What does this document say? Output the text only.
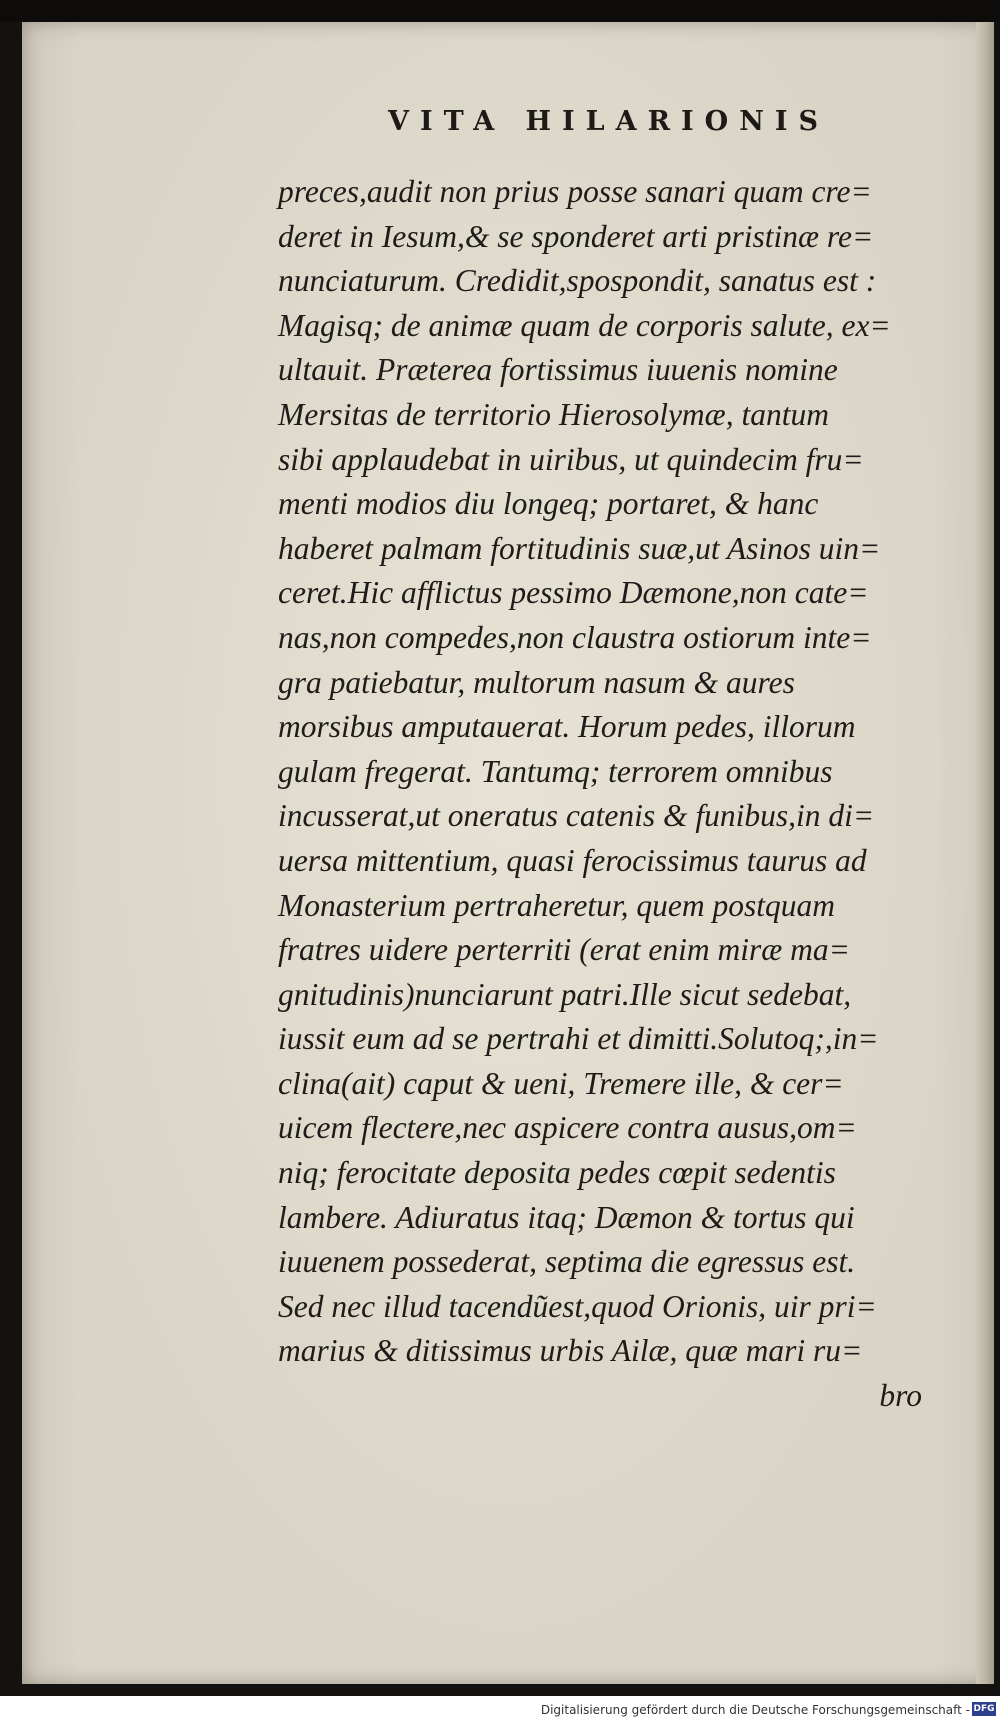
VITA HILARIONIS
preces,audit non prius posse sanari quam cre=
deret in Iesum,& se sponderet arti pristinæ re=
nunciaturum. Credidit,spospondit, sanatus est :
Magisq; de animæ quam de corporis salute, ex=
ultauit. Præterea fortissimus iuuenis nomine
Mersitas de territorio Hierosolymæ, tantum
sibi applaudebat in uiribus, ut quindecim fru=
menti modios diu longeq; portaret, & hanc
haberet palmam fortitudinis suæ,ut Asinos uin=
ceret.Hic afflictus pessimo Dæmone,non cate=
nas,non compedes,non claustra ostiorum inte=
gra patiebatur, multorum nasum & aures
morsibus amputauerat. Horum pedes, illorum
gulam fregerat. Tantumq; terrorem omnibus
incusserat,ut oneratus catenis & funibus,in di=
uersa mittentium, quasi ferocissimus taurus ad
Monasterium pertraheretur, quem postquam
fratres uidere perterriti (erat enim miræ ma=
gnitudinis)nunciarunt patri.Ille sicut sedebat,
iussit eum ad se pertrahi et dimitti.Solutoq;,in=
clina(ait) caput & ueni, Tremere ille, & cer=
uicem flectere,nec aspicere contra ausus,om=
niq; ferocitate deposita pedes cœpit sedentis
lambere. Adiuratus itaq; Dæmon & tortus qui
iuuenem possederat, septima die egressus est.
Sed nec illud tacendũest,quod Orionis, uir pri=
marius & ditissimus urbis Ailæ, quæ mari ru=
bro
Digitalisierung gefördert durch die Deutsche Forschungsgemeinschaft - DFG
